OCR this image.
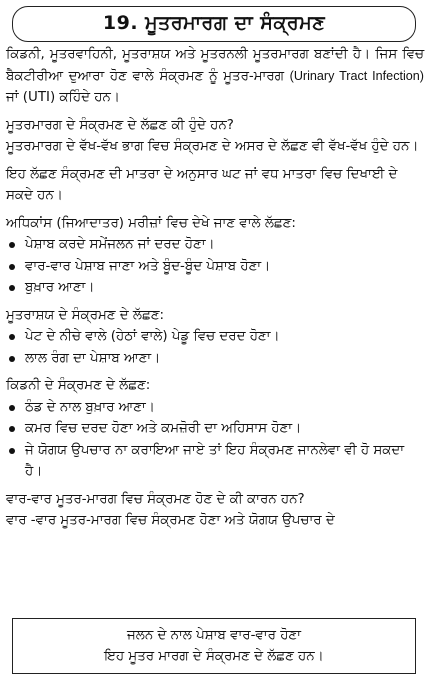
19. ਮੂਤਰਮਾਰਗ ਦਾ ਸੰਕ੍ਰਮਣ

ਕਿਡਨੀ, ਮੂਤਰਵਾਹਿਨੀ, ਮੂਤਰਾਸ਼ਯ ਅਤੇ ਮੂਤਰਨਲੀ ਮੂਤਰਮਾਰਗ ਬਣਾਂਦੀ ਹੈ। ਜਿਸ ਵਿਚ ਬੈਕਟੀਰੀਆ ਦੁਆਰਾ ਹੋਣ ਵਾਲੇ ਸੰਕ੍ਰਮਣ ਨੂੰ ਮੂਤਰ-ਮਾਰਗ (Urinary Tract Infection) ਜਾਂ (UTI) ਕਹਿੰਦੇ ਹਨ।

ਮੂਤਰਮਾਰਗ ਦੇ ਸੰਕ੍ਰਮਣ ਦੇ ਲੱਛਣ ਕੀ ਹੁੰਦੇ ਹਨ?

ਮੂਤਰਮਾਰਗ ਦੇ ਵੱਖ-ਵੱਖ ਭਾਗ ਵਿਚ ਸੰਕ੍ਰਮਣ ਦੇ ਅਸਰ ਦੇ ਲੱਛਣ ਵੀ ਵੱਖ-ਵੱਖ ਹੁੰਦੇ ਹਨ।

ਇਹ ਲੱਛਣ ਸੰਕ੍ਰਮਣ ਦੀ ਮਾਤਰਾ ਦੇ ਅਨੁਸਾਰ ਘਟ ਜਾਂ ਵਧ ਮਾਤਰਾ ਵਿਚ ਦਿਖਾਈ ਦੇ ਸਕਦੇ ਹਨ।

ਅਧਿਕਾਂਸ (ਜਿਆਦਾਤਰ) ਮਰੀਜ਼ਾਂ ਵਿਚ ਦੇਖੇ ਜਾਣ ਵਾਲੇ ਲੱਛਣ:

ਪੇਸ਼ਾਬ ਕਰਦੇ ਸਮੇਂਜਲਨ ਜਾਂ ਦਰਦ ਹੋਣਾ।
ਵਾਰ-ਵਾਰ ਪੇਸ਼ਾਬ ਜਾਣਾ ਅਤੇ ਬੂੰਦ-ਬੂੰਦ ਪੇਸ਼ਾਬ ਹੋਣਾ।
ਬੁਖ਼ਾਰ ਆਣਾ।

ਮੂਤਰਾਸ਼ਯ ਦੇ ਸੰਕ੍ਰਮਣ ਦੇ ਲੱਛਣ:

ਪੇਟ ਦੇ ਨੀਚੇ ਵਾਲੇ (ਹੇਠਾਂ ਵਾਲੇ) ਪੇਡੂ ਵਿਚ ਦਰਦ ਹੋਣਾ।
ਲਾਲ ਰੰਗ ਦਾ ਪੇਸ਼ਾਬ ਆਣਾ।

ਕਿਡਨੀ ਦੇ ਸੰਕ੍ਰਮਣ ਦੇ ਲੱਛਣ:

ਠੰਡ ਦੇ ਨਾਲ ਬੁਖ਼ਾਰ ਆਣਾ।
ਕਮਰ ਵਿਚ ਦਰਦ ਹੋਣਾ ਅਤੇ ਕਮਜ਼ੋਰੀ ਦਾ ਅਹਿਸਾਸ ਹੋਣਾ।
ਜੇ ਯੋਗਯ ਉਪਚਾਰ ਨਾ ਕਰਾਇਆ ਜਾਏ ਤਾਂ ਇਹ ਸੰਕ੍ਰਮਣ ਜਾਨਲੇਵਾ ਵੀ ਹੋ ਸਕਦਾ ਹੈ।

ਵਾਰ-ਵਾਰ ਮੂਤਰ-ਮਾਰਗ ਵਿਚ ਸੰਕ੍ਰਮਣ ਹੋਣ ਦੇ ਕੀ ਕਾਰਨ ਹਨ?

ਵਾਰ -ਵਾਰ ਮੂਤਰ-ਮਾਰਗ ਵਿਚ ਸੰਕ੍ਰਮਣ ਹੋਣਾ ਅਤੇ ਯੋਗਯ ਉਪਚਾਰ ਦੇ

ਜਲਨ ਦੇ ਨਾਲ ਪੇਸ਼ਾਬ ਵਾਰ-ਵਾਰ ਹੋਣਾ
ਇਹ ਮੂਤਰ ਮਾਰਗ ਦੇ ਸੰਕ੍ਰਮਣ ਦੇ ਲੱਛਣ ਹਨ।
